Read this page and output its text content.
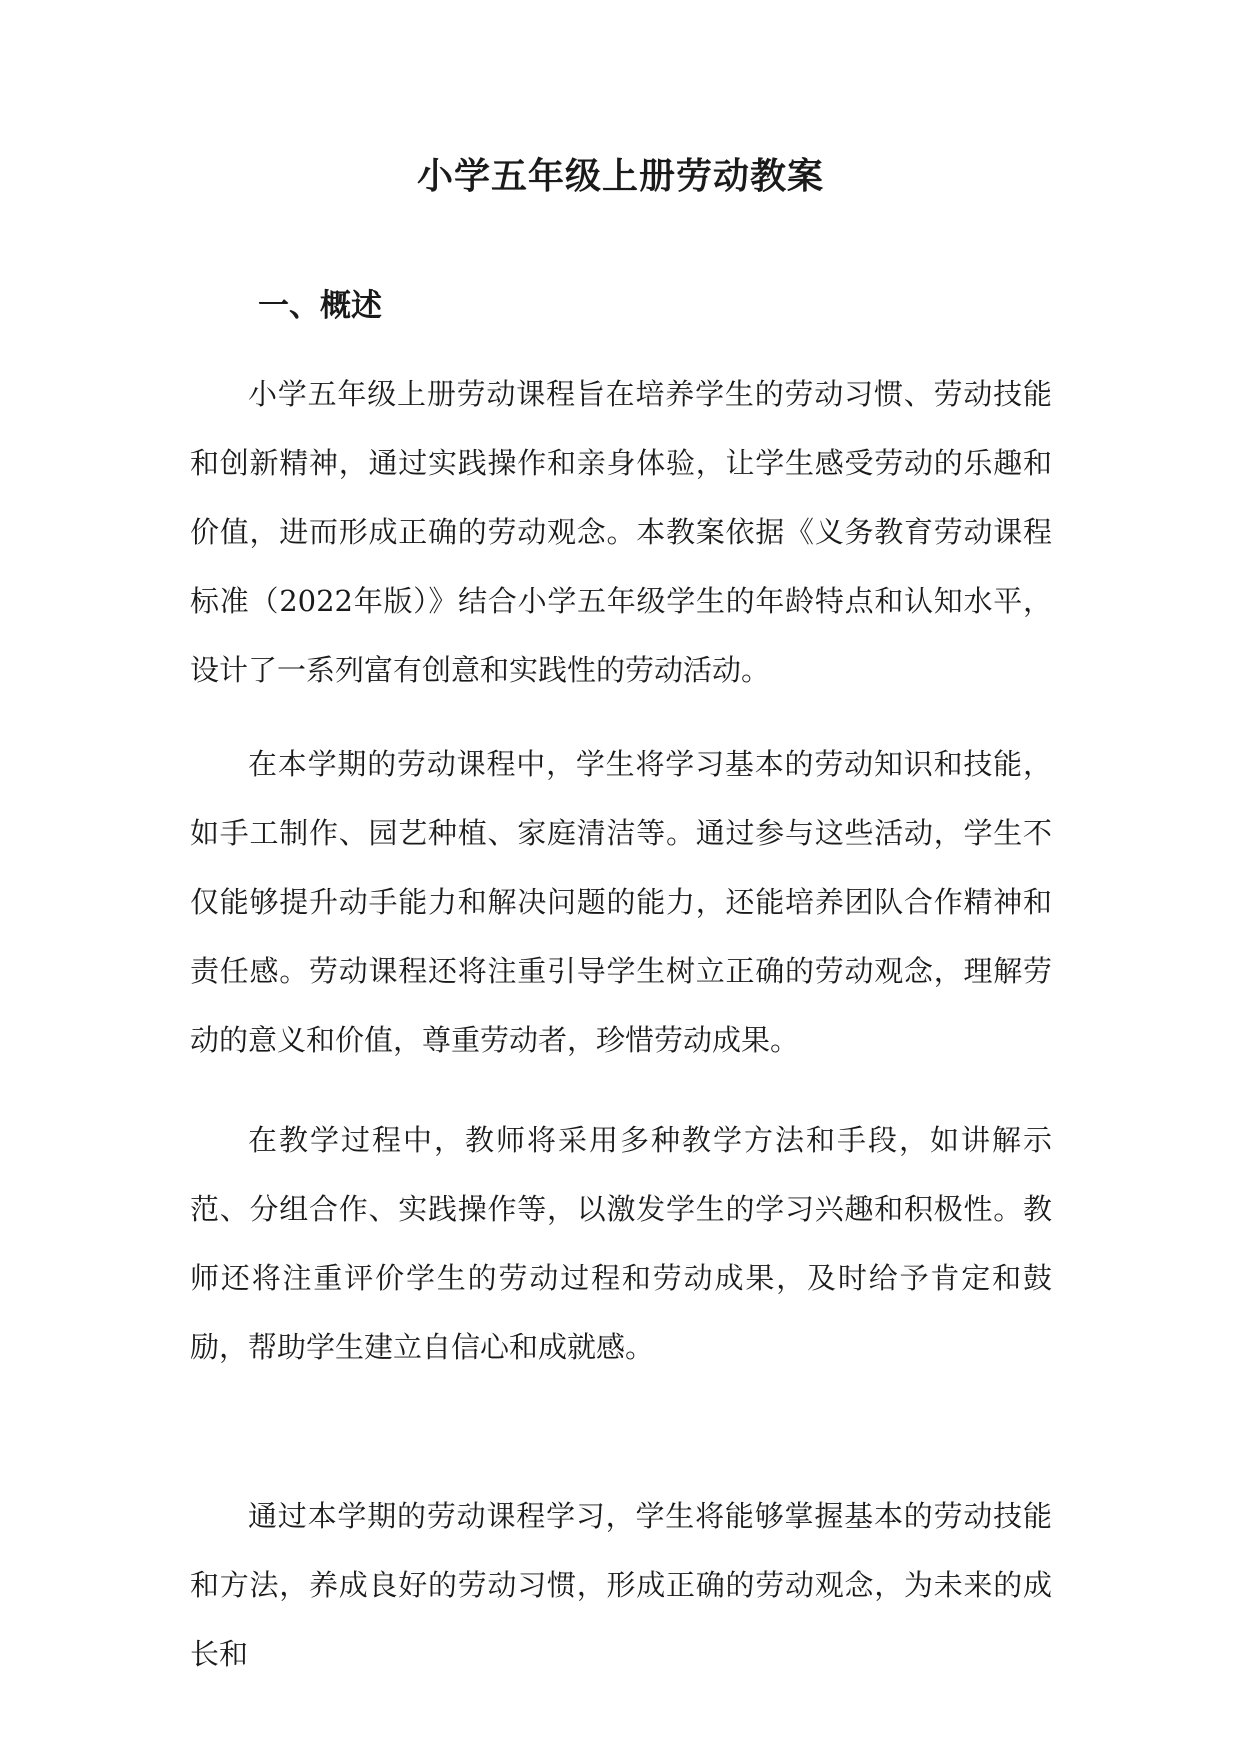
小学五年级上册劳动教案
一、概述

小学五年级上册劳动课程旨在培养学生的劳动习惯、劳动技能和创新精神，通过实践操作和亲身体验，让学生感受劳动的乐趣和价值，进而形成正确的劳动观念。本教案依据《义务教育劳动课程标准（2022年版）》结合小学五年级学生的年龄特点和认知水平，设计了一系列富有创意和实践性的劳动活动。

在本学期的劳动课程中，学生将学习基本的劳动知识和技能，如手工制作、园艺种植、家庭清洁等。通过参与这些活动，学生不仅能够提升动手能力和解决问题的能力，还能培养团队合作精神和责任感。劳动课程还将注重引导学生树立正确的劳动观念，理解劳动的意义和价值，尊重劳动者，珍惜劳动成果。

在教学过程中，教师将采用多种教学方法和手段，如讲解示范、分组合作、实践操作等，以激发学生的学习兴趣和积极性。教师还将注重评价学生的劳动过程和劳动成果，及时给予肯定和鼓励，帮助学生建立自信心和成就感。

通过本学期的劳动课程学习，学生将能够掌握基本的劳动技能和方法，养成良好的劳动习惯，形成正确的劳动观念，为未来的成长和
